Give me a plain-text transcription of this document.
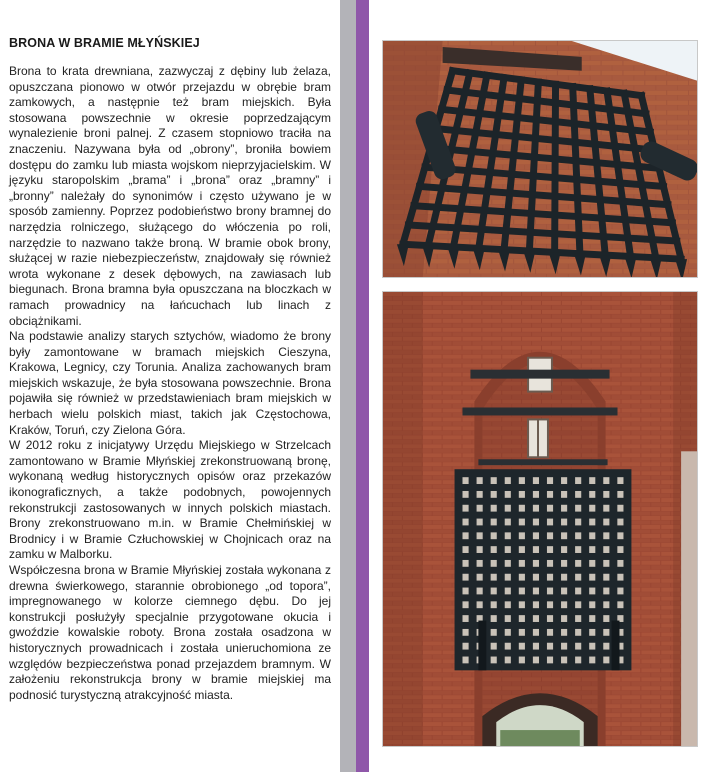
BRONA W BRAMIE MŁYŃSKIEJ

Brona to krata drewniana, zazwyczaj z dębiny lub żelaza, opuszczana pionowo w otwór przejazdu w obrębie bram zamkowych, a następnie też bram miejskich. Była stosowana powszechnie w okresie poprzedzającym wynalezienie broni palnej. Z czasem stopniowo traciła na znaczeniu. Nazywana była od „obrony”, broniła bowiem dostępu do zamku lub miasta wojskom nieprzyjacielskim. W języku staropolskim „brama” i „brona” oraz „bramny” i „bronny” należały do synonimów i często używano je w sposób zamienny. Poprzez podobieństwo brony bramnej do narzędzia rolniczego, służącego do włóczenia po roli, narzędzie to nazwano także broną. W bramie obok brony, służącej w razie niebezpieczeństw, znajdowały się również wrota wykonane z desek dębowych, na zawiasach lub biegunach. Brona bramna była opuszczana na bloczkach w ramach prowadnicy na łańcuchach lub linach z obciążnikami.

Na podstawie analizy starych sztychów, wiadomo że brony były zamontowane w bramach miejskich Cieszyna, Krakowa, Legnicy, czy Torunia. Analiza zachowanych bram miejskich wskazuje, że była stosowana powszechnie. Brona pojawiła się również w przedstawieniach bram miejskich w herbach wielu polskich miast, takich jak Częstochowa, Kraków, Toruń, czy Zielona Góra.

W 2012 roku z inicjatywy Urzędu Miejskiego w Strzelcach zamontowano w Bramie Młyńskiej zrekonstruowaną bronę, wykonaną według historycznych opisów oraz przekazów ikonograficznych, a także podobnych, powojennych rekonstrukcji zastosowanych w innych polskich miastach. Brony zrekonstruowano m.in. w Bramie Chełmińskiej w Brodnicy i w Bramie Człuchowskiej w Chojnicach oraz na zamku w Malborku.

Współczesna brona w Bramie Młyńskiej została wykonana z drewna świerkowego, starannie obrobionego „od topora”, impregnowanego w kolorze ciemnego dębu. Do jej konstrukcji posłużyły specjalnie przygotowane okucia i gwoździe kowalskie roboty. Brona została osadzona w historycznych prowadnicach i została unieruchomiona ze względów bezpieczeństwa ponad przejazdem bramnym. W założeniu rekonstrukcja brony w bramie miejskiej ma podnosić turystyczną atrakcyjność miasta.
